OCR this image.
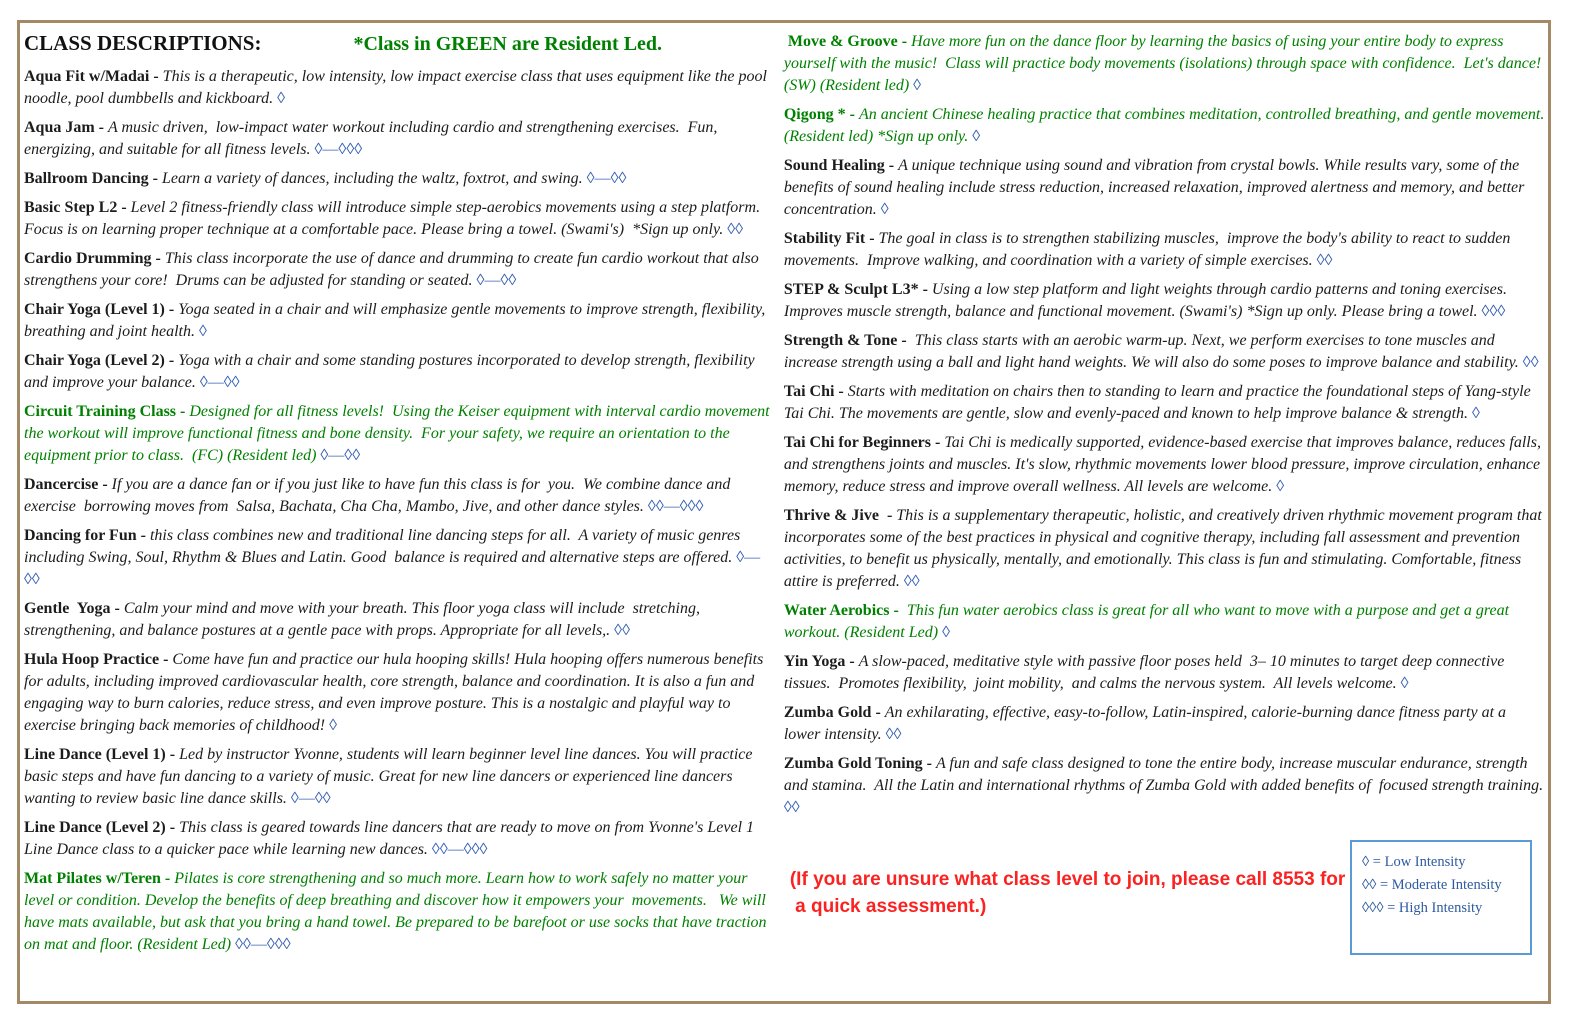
CLASS DESCRIPTIONS:	*Class in GREEN are Resident Led.

Aqua Fit w/Madai - This is a therapeutic, low intensity, low impact exercise class that uses equipment like the pool noodle, pool dumbbells and kickboard. ◊

Aqua Jam - A music driven,  low-impact water workout including cardio and strengthening exercises.  Fun, energizing, and suitable for all fitness levels. ◊—◊◊◊

Ballroom Dancing - Learn a variety of dances, including the waltz, foxtrot, and swing. ◊—◊◊

Basic Step L2 - Level 2 fitness-friendly class will introduce simple step-aerobics movements using a step platform. Focus is on learning proper technique at a comfortable pace. Please bring a towel. (Swami's)  *Sign up only. ◊◊

Cardio Drumming - This class incorporate the use of dance and drumming to create fun cardio workout that also strengthens your core!  Drums can be adjusted for standing or seated. ◊—◊◊

Chair Yoga (Level 1) - Yoga seated in a chair and will emphasize gentle movements to improve strength, flexibility, breathing and joint health. ◊

Chair Yoga (Level 2) - Yoga with a chair and some standing postures incorporated to develop strength, flexibility and improve your balance. ◊—◊◊

Circuit Training Class - Designed for all fitness levels!  Using the Keiser equipment with interval cardio movement the workout will improve functional fitness and bone density.  For your safety, we require an orientation to the equipment prior to class.  (FC) (Resident led) ◊—◊◊

Dancercise - If you are a dance fan or if you just like to have fun this class is for  you.  We combine dance and exercise  borrowing moves from  Salsa, Bachata, Cha Cha, Mambo, Jive, and other dance styles. ◊◊—◊◊◊

Dancing for Fun - this class combines new and traditional line dancing steps for all.  A variety of music genres including Swing, Soul, Rhythm & Blues and Latin. Good  balance is required and alternative steps are offered. ◊—◊◊

Gentle  Yoga - Calm your mind and move with your breath. This floor yoga class will include  stretching, strengthening, and balance postures at a gentle pace with props. Appropriate for all levels,. ◊◊

Hula Hoop Practice - Come have fun and practice our hula hooping skills! Hula hooping offers numerous benefits for adults, including improved cardiovascular health, core strength, balance and coordination. It is also a fun and engaging way to burn calories, reduce stress, and even improve posture. This is a nostalgic and playful way to exercise bringing back memories of childhood! ◊

Line Dance (Level 1) - Led by instructor Yvonne, students will learn beginner level line dances. You will practice basic steps and have fun dancing to a variety of music. Great for new line dancers or experienced line dancers wanting to review basic line dance skills. ◊—◊◊

Line Dance (Level 2) - This class is geared towards line dancers that are ready to move on from Yvonne's Level 1 Line Dance class to a quicker pace while learning new dances. ◊◊—◊◊◊

Mat Pilates w/Teren - Pilates is core strengthening and so much more. Learn how to work safely no matter your level or condition. Develop the benefits of deep breathing and discover how it empowers your  movements.   We will have mats available, but ask that you bring a hand towel. Be prepared to be barefoot or use socks that have traction on mat and floor. (Resident Led) ◊◊—◊◊◊

Move & Groove - Have more fun on the dance floor by learning the basics of using your entire body to express yourself with the music!  Class will practice body movements (isolations) through space with confidence.  Let's dance!  (SW) (Resident led) ◊

Qigong * - An ancient Chinese healing practice that combines meditation, controlled breathing, and gentle movement.  (Resident led) *Sign up only. ◊

Sound Healing - A unique technique using sound and vibration from crystal bowls. While results vary, some of the benefits of sound healing include stress reduction, increased relaxation, improved alertness and memory, and better concentration. ◊

Stability Fit - The goal in class is to strengthen stabilizing muscles,  improve the body's ability to react to sudden movements.  Improve walking, and coordination with a variety of simple exercises. ◊◊

STEP & Sculpt L3* - Using a low step platform and light weights through cardio patterns and toning exercises. Improves muscle strength, balance and functional movement. (Swami's) *Sign up only. Please bring a towel. ◊◊◊

Strength & Tone -  This class starts with an aerobic warm-up. Next, we perform exercises to tone muscles and increase strength using a ball and light hand weights. We will also do some poses to improve balance and stability. ◊◊

Tai Chi - Starts with meditation on chairs then to standing to learn and practice the foundational steps of Yang-style Tai Chi. The movements are gentle, slow and evenly-paced and known to help improve balance & strength. ◊

Tai Chi for Beginners - Tai Chi is medically supported, evidence-based exercise that improves balance, reduces falls, and strengthens joints and muscles. It's slow, rhythmic movements lower blood pressure, improve circulation, enhance memory, reduce stress and improve overall wellness. All levels are welcome. ◊

Thrive & Jive  - This is a supplementary therapeutic, holistic, and creatively driven rhythmic movement program that incorporates some of the best practices in physical and cognitive therapy, including fall assessment and prevention activities, to benefit us physically, mentally, and emotionally. This class is fun and stimulating. Comfortable, fitness attire is preferred. ◊◊

Water Aerobics -  This fun water aerobics class is great for all who want to move with a purpose and get a great workout. (Resident Led) ◊

Yin Yoga - A slow-paced, meditative style with passive floor poses held  3– 10 minutes to target deep connective tissues.  Promotes flexibility,  joint mobility,  and calms the nervous system.  All levels welcome. ◊

Zumba Gold - An exhilarating, effective, easy-to-follow, Latin-inspired, calorie-burning dance fitness party at a lower intensity. ◊◊

Zumba Gold Toning - A fun and safe class designed to tone the entire body, increase muscular endurance, strength and stamina.  All the Latin and international rhythms of Zumba Gold with added benefits of  focused strength training. ◊◊

(If you are unsure what class level to join, please call 8553 for
a quick assessment.)
◊ = Low Intensity
◊◊ = Moderate Intensity
◊◊◊ = High Intensity
